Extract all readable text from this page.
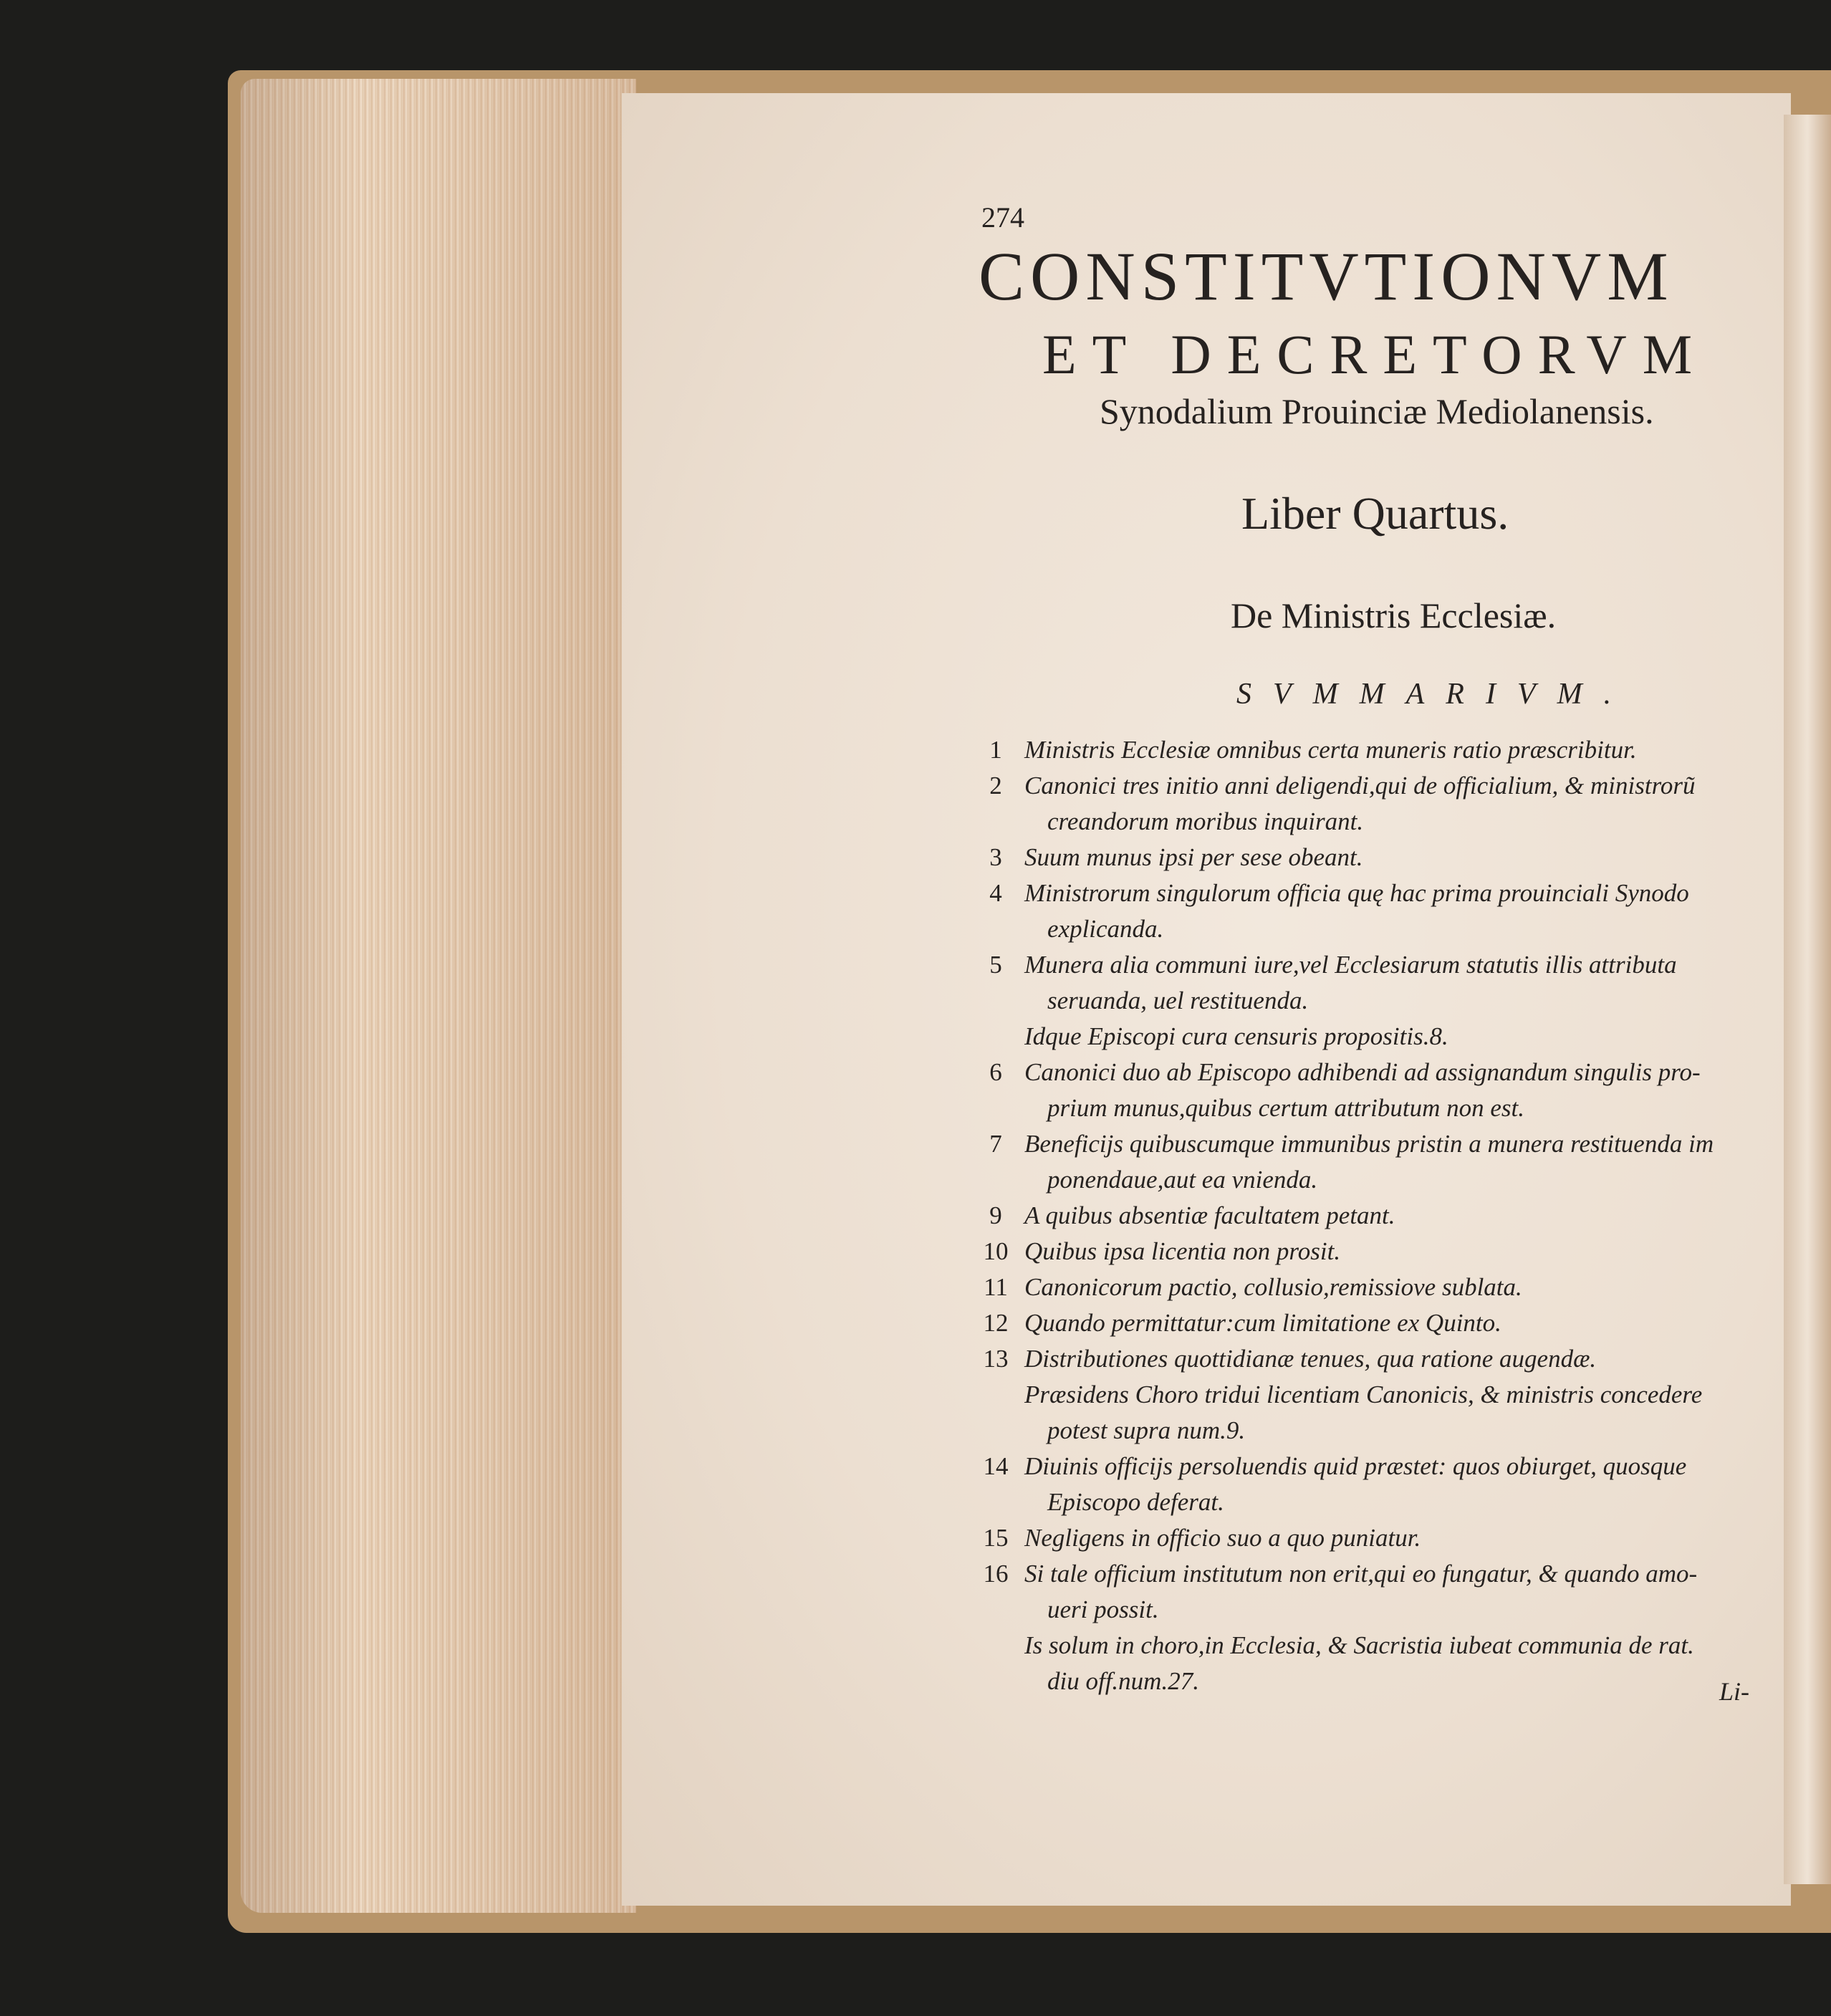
274
CONSTITVTIONVM
ET DECRETORVM
Synodalium Prouinciæ Mediolanensis.
Liber Quartus.
De Ministris Ecclesiæ.
SVMMARIVM.
1 Ministris Ecclesiæ omnibus certa muneris ratio præscribitur.
2 Canonici tres initio anni deligendi,qui de officialium, & ministrorũ
creandorum moribus inquirant.
3 Suum munus ipsi per sese obeant.
4 Ministrorum singulorum officia quę hac prima prouinciali Synodo
explicanda.
5 Munera alia communi iure,vel Ecclesiarum statutis illis attributa
seruanda, uel restituenda.
Idque Episcopi cura censuris propositis.8.
6 Canonici duo ab Episcopo adhibendi ad assignandum singulis pro-
prium munus,quibus certum attributum non est.
7 Beneficijs quibuscumque immunibus pristin a munera restituenda im
ponendaue,aut ea vnienda.
9 A quibus absentiæ facultatem petant.
10 Quibus ipsa licentia non prosit.
11 Canonicorum pactio, collusio,remissiove sublata.
12 Quando permittatur:cum limitatione ex Quinto.
13 Distributiones quottidianæ tenues, qua ratione augendæ.
Præsidens Choro tridui licentiam Canonicis, & ministris concedere
potest supra num.9.
14 Diuinis officijs persoluendis quid præstet: quos obiurget, quosque
Episcopo deferat.
15 Negligens in officio suo a quo puniatur.
16 Si tale officium institutum non erit,qui eo fungatur, & quando amo-
ueri possit.
Is solum in choro,in Ecclesia, & Sacristia iubeat communia de rat.
diu off.num.27.	Li-
